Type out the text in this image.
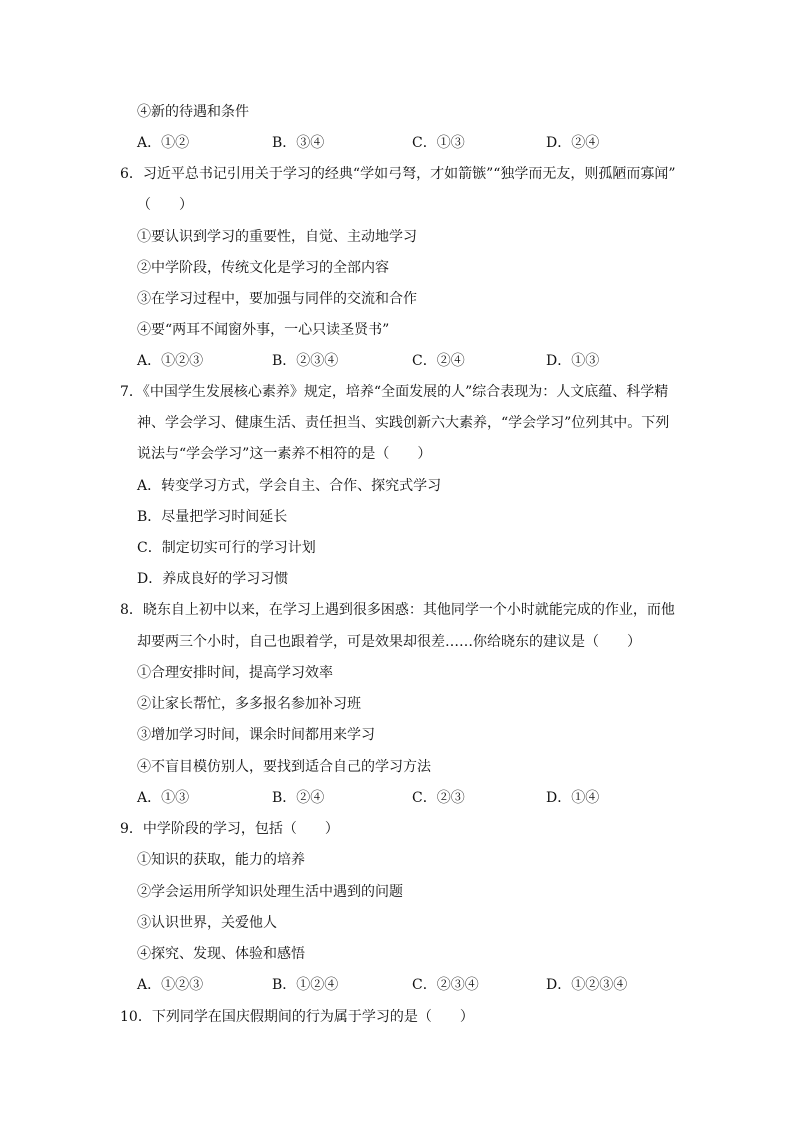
④新的待遇和条件
A．①②	B．③④	C．①③	D．②④
6．习近平总书记引用关于学习的经典“学如弓弩，才如箭镞”“独学而无友，则孤陋而寡闻”
（　　）
①要认识到学习的重要性，自觉、主动地学习
②中学阶段，传统文化是学习的全部内容
③在学习过程中，要加强与同伴的交流和合作
④要“两耳不闻窗外事，一心只读圣贤书”
A．①②③	B．②③④	C．②④	D．①③
7．《中国学生发展核心素养》规定，培养“全面发展的人”综合表现为：人文底蕴、科学精
神、学会学习、健康生活、责任担当、实践创新六大素养，“学会学习”位列其中。下列
说法与“学会学习”这一素养不相符的是（　　）
A．转变学习方式，学会自主、合作、探究式学习
B．尽量把学习时间延长
C．制定切实可行的学习计划
D．养成良好的学习习惯
8．晓东自上初中以来，在学习上遇到很多困惑：其他同学一个小时就能完成的作业，而他
却要两三个小时，自己也跟着学，可是效果却很差……你给晓东的建议是（　　）
①合理安排时间，提高学习效率
②让家长帮忙，多多报名参加补习班
③增加学习时间，课余时间都用来学习
④不盲目模仿别人，要找到适合自己的学习方法
A．①③	B．②④	C．②③	D．①④
9．中学阶段的学习，包括（　　）
①知识的获取，能力的培养
②学会运用所学知识处理生活中遇到的问题
③认识世界，关爱他人
④探究、发现、体验和感悟
A．①②③	B．①②④	C．②③④	D．①②③④
10．下列同学在国庆假期间的行为属于学习的是（　　）
